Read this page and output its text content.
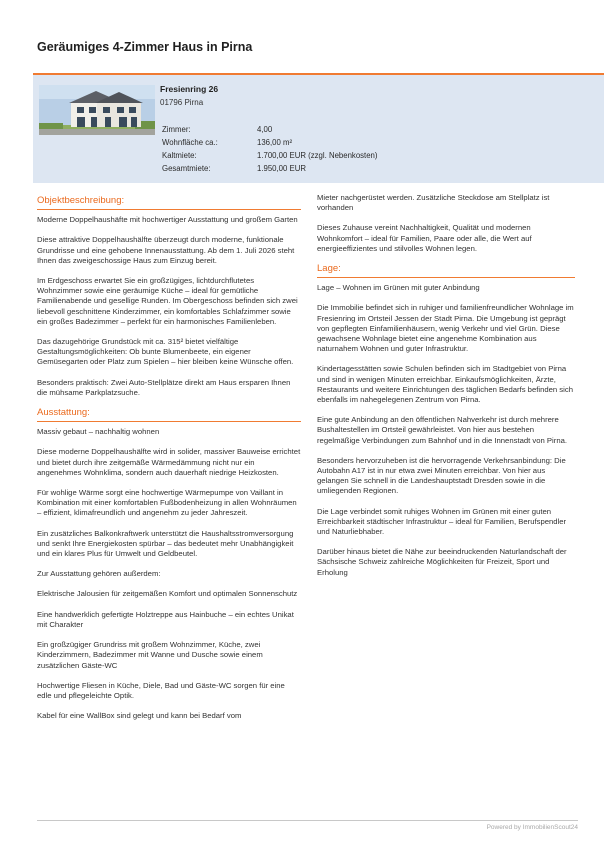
Geräumiges 4-Zimmer Haus in Pirna
Fresienring 26
01796 Pirna
Zimmer:	4,00
Wohnfläche ca.:	136,00 m²
Kaltmiete:	1.700,00 EUR (zzgl. Nebenkosten)
Gesamtmiete:	1.950,00 EUR
Objektbeschreibung:

Moderne Doppelhaushäfte mit hochwertiger Ausstattung und großem Garten

Diese attraktive Doppelhaushälfte überzeugt durch moderne, funktionale Grundrisse und eine gehobene Innenausstattung. Ab dem 1. Juli 2026 steht Ihnen das zweigeschossige Haus zum Einzug bereit.

Im Erdgeschoss erwartet Sie ein großzügiges, lichtdurchflutetes Wohnzimmer sowie eine geräumige Küche – ideal für gemütliche Familienabende und gesellige Runden. Im Obergeschoss befinden sich zwei liebevoll geschnittene Kinderzimmer, ein komfortables Schlafzimmer sowie ein großes Badezimmer – perfekt für ein harmonisches Familienleben.

Das dazugehörige Grundstück mit ca. 315² bietet vielfältige Gestaltungsmöglichkeiten: Ob bunte Blumenbeete, ein eigener Gemüsegarten oder Platz zum Spielen – hier bleiben keine Wünsche offen.

Besonders praktisch: Zwei Auto-Stellplätze direkt am Haus ersparen Ihnen die mühsame Parkplatzsuche.

Ausstattung:

Massiv gebaut – nachhaltig wohnen

Diese moderne Doppelhaushälfte wird in solider, massiver Bauweise errichtet und bietet durch ihre zeitgemäße Wärmedämmung nicht nur ein angenehmes Wohnklima, sondern auch dauerhaft niedrige Heizkosten.

Für wohlige Wärme sorgt eine hochwertige Wärmepumpe von Vaillant in Kombination mit einer komfortablen Fußbodenheizung in allen Wohnräumen – effizient, klimafreundlich und angenehm zu jeder Jahreszeit.

Ein zusätzliches Balkonkraftwerk unterstützt die Haushaltsstromversorgung und senkt Ihre Energiekosten spürbar – das bedeutet mehr Unabhängigkeit und ein klares Plus für Umwelt und Geldbeutel.

Zur Ausstattung gehören außerdem:

Elektrische Jalousien für zeitgemäßen Komfort und optimalen Sonnenschutz

Eine handwerklich gefertigte Holztreppe aus Hainbuche – ein echtes Unikat mit Charakter

Ein großzügiger Grundriss mit großem Wohnzimmer, Küche, zwei Kinderzimmern, Badezimmer mit Wanne und Dusche sowie einem zusätzlichen Gäste-WC

Hochwertige Fliesen in Küche, Diele, Bad und Gäste-WC sorgen für eine edle und pflegeleichte Optik.

Kabel für eine WallBox sind gelegt und kann bei Bedarf vom

Mieter nachgerüstet werden. Zusätzliche Steckdose am Stellplatz ist vorhanden

Dieses Zuhause vereint Nachhaltigkeit, Qualität und modernen Wohnkomfort – ideal für Familien, Paare oder alle, die Wert auf energieeffizientes und stilvolles Wohnen legen.

Lage:

Lage – Wohnen im Grünen mit guter Anbindung

Die Immobilie befindet sich in ruhiger und familienfreundlicher Wohnlage im Fresienring im Ortsteil Jessen der Stadt Pirna. Die Umgebung ist geprägt von gepflegten Einfamilienhäusern, wenig Verkehr und viel Grün. Diese gewachsene Wohnlage bietet eine angenehme Kombination aus naturnahem Wohnen und guter Infrastruktur.

Kindertagesstätten sowie Schulen befinden sich im Stadtgebiet von Pirna und sind in wenigen Minuten erreichbar. Einkaufsmöglichkeiten, Ärzte, Restaurants und weitere Einrichtungen des täglichen Bedarfs befinden sich ebenfalls im nahegelegenen Zentrum von Pirna.

Eine gute Anbindung an den öffentlichen Nahverkehr ist durch mehrere Bushaltestellen im Ortsteil gewährleistet. Von hier aus bestehen regelmäßige Verbindungen zum Bahnhof und in die Innenstadt von Pirna.

Besonders hervorzuheben ist die hervorragende Verkehrsanbindung: Die Autobahn A17 ist in nur etwa zwei Minuten erreichbar. Von hier aus gelangen Sie schnell in die Landeshauptstadt Dresden sowie in die umliegenden Regionen.

Die Lage verbindet somit ruhiges Wohnen im Grünen mit einer guten Erreichbarkeit städtischer Infrastruktur – ideal für Familien, Berufspendler und Naturliebhaber.

Darüber hinaus bietet die Nähe zur beeindruckenden Naturlandschaft der Sächsische Schweiz zahlreiche Möglichkeiten für Freizeit, Sport und Erholung

Powered by ImmobilienScout24
